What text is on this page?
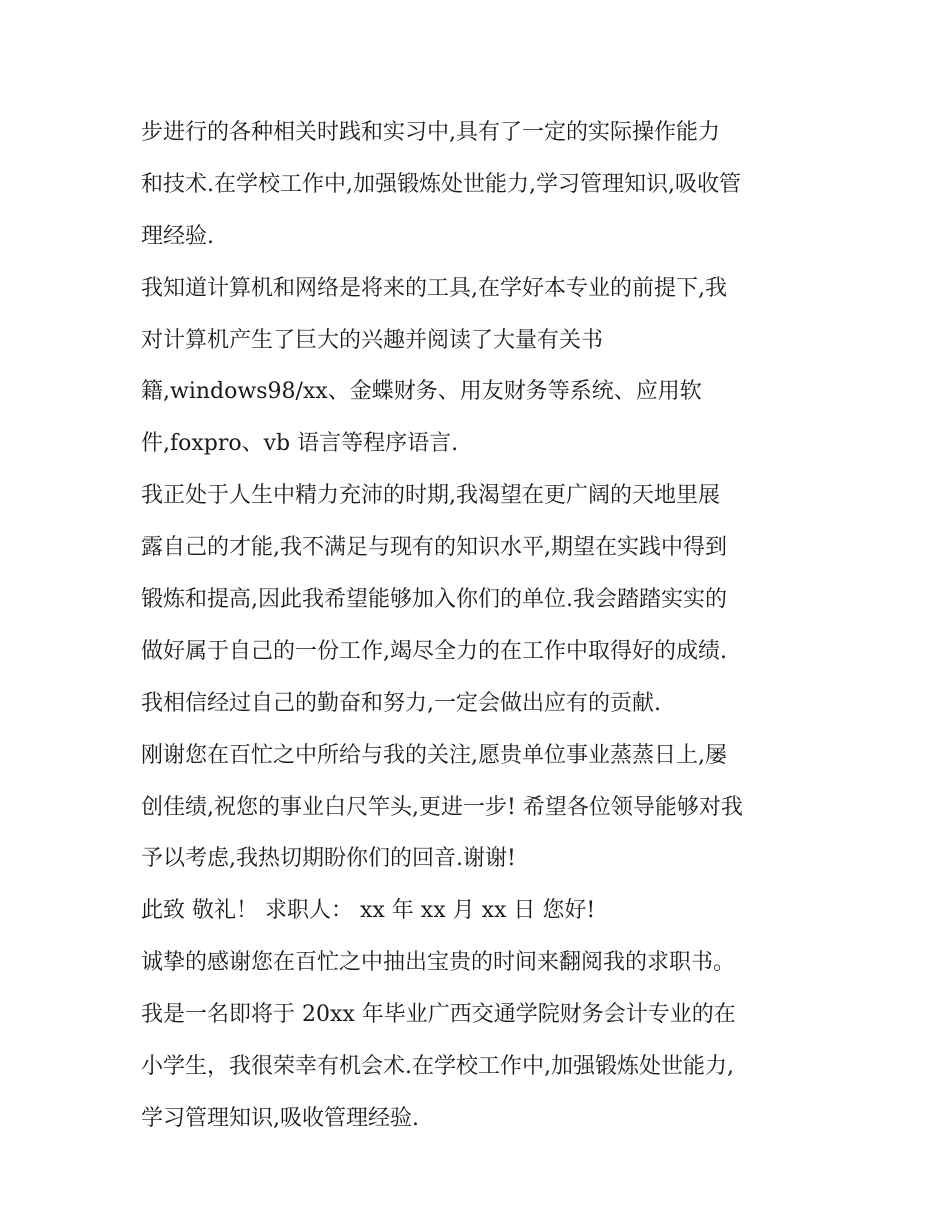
步进行的各种相关时践和实习中,具有了一定的实际操作能力
和技术.在学校工作中,加强锻炼处世能力,学习管理知识,吸收管
理经验.
我知道计算机和网络是将来的工具,在学好本专业的前提下,我
对计算机产生了巨大的兴趣并阅读了大量有关书
籍,windows98/xx、金蝶财务、用友财务等系统、应用软
件,foxpro、vb 语言等程序语言.
我正处于人生中精力充沛的时期,我渴望在更广阔的天地里展
露自己的才能,我不满足与现有的知识水平,期望在实践中得到
锻炼和提高,因此我希望能够加入你们的单位.我会踏踏实实的
做好属于自己的一份工作,竭尽全力的在工作中取得好的成绩.
我相信经过自己的勤奋和努力,一定会做出应有的贡献.
刚谢您在百忙之中所给与我的关注,愿贵单位事业蒸蒸日上,屡
创佳绩,祝您的事业白尺竿头,更进一步! 希望各位领导能够对我
予以考虑,我热切期盼你们的回音.谢谢!
此致 敬礼！ 求职人： xx 年 xx 月 xx 日 您好!
诚挚的感谢您在百忙之中抽出宝贵的时间来翻阅我的求职书。
我是一名即将于 20xx 年毕业广西交通学院财务会计专业的在
小学生，我很荣幸有机会术.在学校工作中,加强锻炼处世能力,
学习管理知识,吸收管理经验.
